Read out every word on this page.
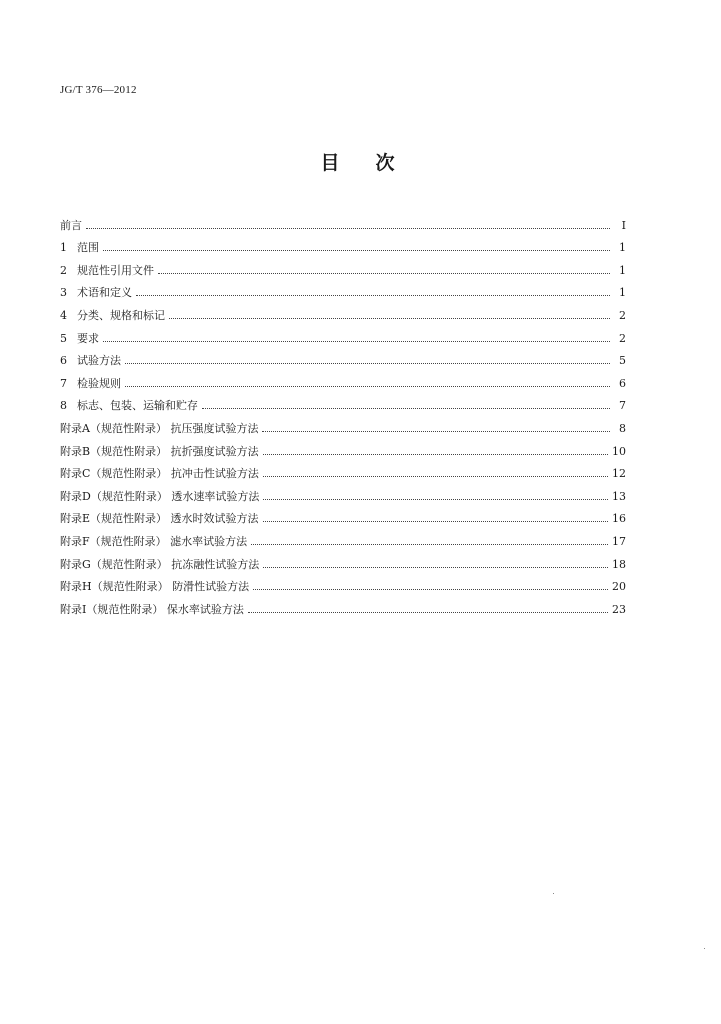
JG/T 376—2012
目次
前言	Ⅰ
1 范围	1
2 规范性引用文件	1
3 术语和定义	1
4 分类、规格和标记	2
5 要求	2
6 试验方法	5
7 检验规则	6
8 标志、包装、运输和贮存	7
附录A（规范性附录） 抗压强度试验方法	8
附录B（规范性附录） 抗折强度试验方法	10
附录C（规范性附录） 抗冲击性试验方法	12
附录D（规范性附录） 透水速率试验方法	13
附录E（规范性附录） 透水时效试验方法	16
附录F（规范性附录） 滤水率试验方法	17
附录G（规范性附录） 抗冻融性试验方法	18
附录H（规范性附录） 防滑性试验方法	20
附录I（规范性附录） 保水率试验方法	23
